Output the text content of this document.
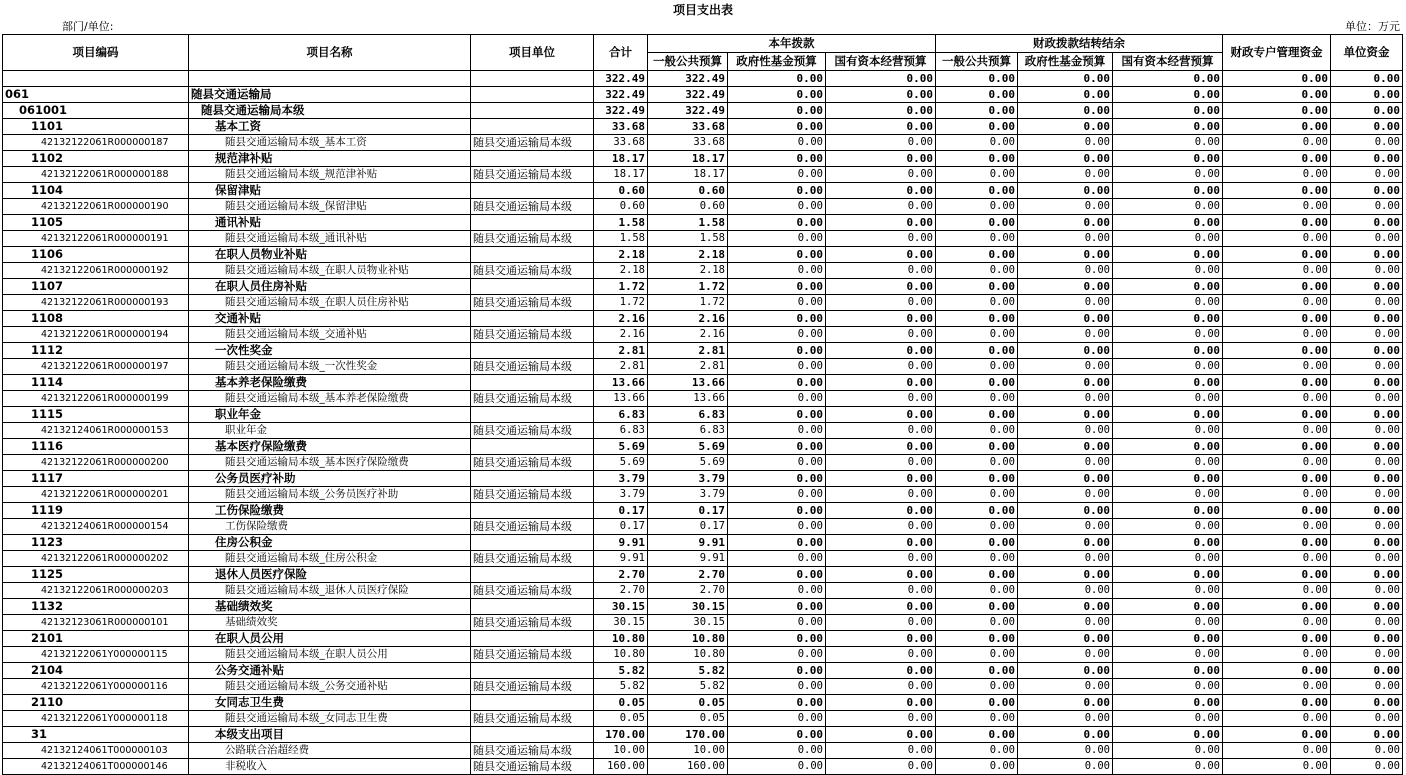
项目支出表
部门/单位:	单位：万元
项目编码	项目名称	项目单位	合计	本年拨款			财政拨款结转结余			财政专户管理资金	单位资金
				一般公共预算	政府性基金预算	国有资本经营预算	一般公共预算	政府性基金预算	国有资本经营预算		
			322.49	322.49	0.00	0.00	0.00	0.00	0.00	0.00	0.00
061	随县交通运输局		322.49	322.49	0.00	0.00	0.00	0.00	0.00	0.00	0.00
061001	随县交通运输局本级		322.49	322.49	0.00	0.00	0.00	0.00	0.00	0.00	0.00
1101	基本工资		33.68	33.68	0.00	0.00	0.00	0.00	0.00	0.00	0.00
42132122061R000000187	随县交通运输局本级_基本工资	随县交通运输局本级	33.68	33.68	0.00	0.00	0.00	0.00	0.00	0.00	0.00
1102	规范津补贴		18.17	18.17	0.00	0.00	0.00	0.00	0.00	0.00	0.00
42132122061R000000188	随县交通运输局本级_规范津补贴	随县交通运输局本级	18.17	18.17	0.00	0.00	0.00	0.00	0.00	0.00	0.00
1104	保留津贴		0.60	0.60	0.00	0.00	0.00	0.00	0.00	0.00	0.00
42132122061R000000190	随县交通运输局本级_保留津贴	随县交通运输局本级	0.60	0.60	0.00	0.00	0.00	0.00	0.00	0.00	0.00
1105	通讯补贴		1.58	1.58	0.00	0.00	0.00	0.00	0.00	0.00	0.00
42132122061R000000191	随县交通运输局本级_通讯补贴	随县交通运输局本级	1.58	1.58	0.00	0.00	0.00	0.00	0.00	0.00	0.00
1106	在职人员物业补贴		2.18	2.18	0.00	0.00	0.00	0.00	0.00	0.00	0.00
42132122061R000000192	随县交通运输局本级_在职人员物业补贴	随县交通运输局本级	2.18	2.18	0.00	0.00	0.00	0.00	0.00	0.00	0.00
1107	在职人员住房补贴		1.72	1.72	0.00	0.00	0.00	0.00	0.00	0.00	0.00
42132122061R000000193	随县交通运输局本级_在职人员住房补贴	随县交通运输局本级	1.72	1.72	0.00	0.00	0.00	0.00	0.00	0.00	0.00
1108	交通补贴		2.16	2.16	0.00	0.00	0.00	0.00	0.00	0.00	0.00
42132122061R000000194	随县交通运输局本级_交通补贴	随县交通运输局本级	2.16	2.16	0.00	0.00	0.00	0.00	0.00	0.00	0.00
1112	一次性奖金		2.81	2.81	0.00	0.00	0.00	0.00	0.00	0.00	0.00
42132122061R000000197	随县交通运输局本级_一次性奖金	随县交通运输局本级	2.81	2.81	0.00	0.00	0.00	0.00	0.00	0.00	0.00
1114	基本养老保险缴费		13.66	13.66	0.00	0.00	0.00	0.00	0.00	0.00	0.00
42132122061R000000199	随县交通运输局本级_基本养老保险缴费	随县交通运输局本级	13.66	13.66	0.00	0.00	0.00	0.00	0.00	0.00	0.00
1115	职业年金		6.83	6.83	0.00	0.00	0.00	0.00	0.00	0.00	0.00
42132124061R000000153	职业年金	随县交通运输局本级	6.83	6.83	0.00	0.00	0.00	0.00	0.00	0.00	0.00
1116	基本医疗保险缴费		5.69	5.69	0.00	0.00	0.00	0.00	0.00	0.00	0.00
42132122061R000000200	随县交通运输局本级_基本医疗保险缴费	随县交通运输局本级	5.69	5.69	0.00	0.00	0.00	0.00	0.00	0.00	0.00
1117	公务员医疗补助		3.79	3.79	0.00	0.00	0.00	0.00	0.00	0.00	0.00
42132122061R000000201	随县交通运输局本级_公务员医疗补助	随县交通运输局本级	3.79	3.79	0.00	0.00	0.00	0.00	0.00	0.00	0.00
1119	工伤保险缴费		0.17	0.17	0.00	0.00	0.00	0.00	0.00	0.00	0.00
42132124061R000000154	工伤保险缴费	随县交通运输局本级	0.17	0.17	0.00	0.00	0.00	0.00	0.00	0.00	0.00
1123	住房公积金		9.91	9.91	0.00	0.00	0.00	0.00	0.00	0.00	0.00
42132122061R000000202	随县交通运输局本级_住房公积金	随县交通运输局本级	9.91	9.91	0.00	0.00	0.00	0.00	0.00	0.00	0.00
1125	退休人员医疗保险		2.70	2.70	0.00	0.00	0.00	0.00	0.00	0.00	0.00
42132122061R000000203	随县交通运输局本级_退休人员医疗保险	随县交通运输局本级	2.70	2.70	0.00	0.00	0.00	0.00	0.00	0.00	0.00
1132	基础绩效奖		30.15	30.15	0.00	0.00	0.00	0.00	0.00	0.00	0.00
42132123061R000000101	基础绩效奖	随县交通运输局本级	30.15	30.15	0.00	0.00	0.00	0.00	0.00	0.00	0.00
2101	在职人员公用		10.80	10.80	0.00	0.00	0.00	0.00	0.00	0.00	0.00
42132122061Y000000115	随县交通运输局本级_在职人员公用	随县交通运输局本级	10.80	10.80	0.00	0.00	0.00	0.00	0.00	0.00	0.00
2104	公务交通补贴		5.82	5.82	0.00	0.00	0.00	0.00	0.00	0.00	0.00
42132122061Y000000116	随县交通运输局本级_公务交通补贴	随县交通运输局本级	5.82	5.82	0.00	0.00	0.00	0.00	0.00	0.00	0.00
2110	女同志卫生费		0.05	0.05	0.00	0.00	0.00	0.00	0.00	0.00	0.00
42132122061Y000000118	随县交通运输局本级_女同志卫生费	随县交通运输局本级	0.05	0.05	0.00	0.00	0.00	0.00	0.00	0.00	0.00
31	本级支出项目		170.00	170.00	0.00	0.00	0.00	0.00	0.00	0.00	0.00
42132124061T000000103	公路联合治超经费	随县交通运输局本级	10.00	10.00	0.00	0.00	0.00	0.00	0.00	0.00	0.00
42132124061T000000146	非税收入	随县交通运输局本级	160.00	160.00	0.00	0.00	0.00	0.00	0.00	0.00	0.00
